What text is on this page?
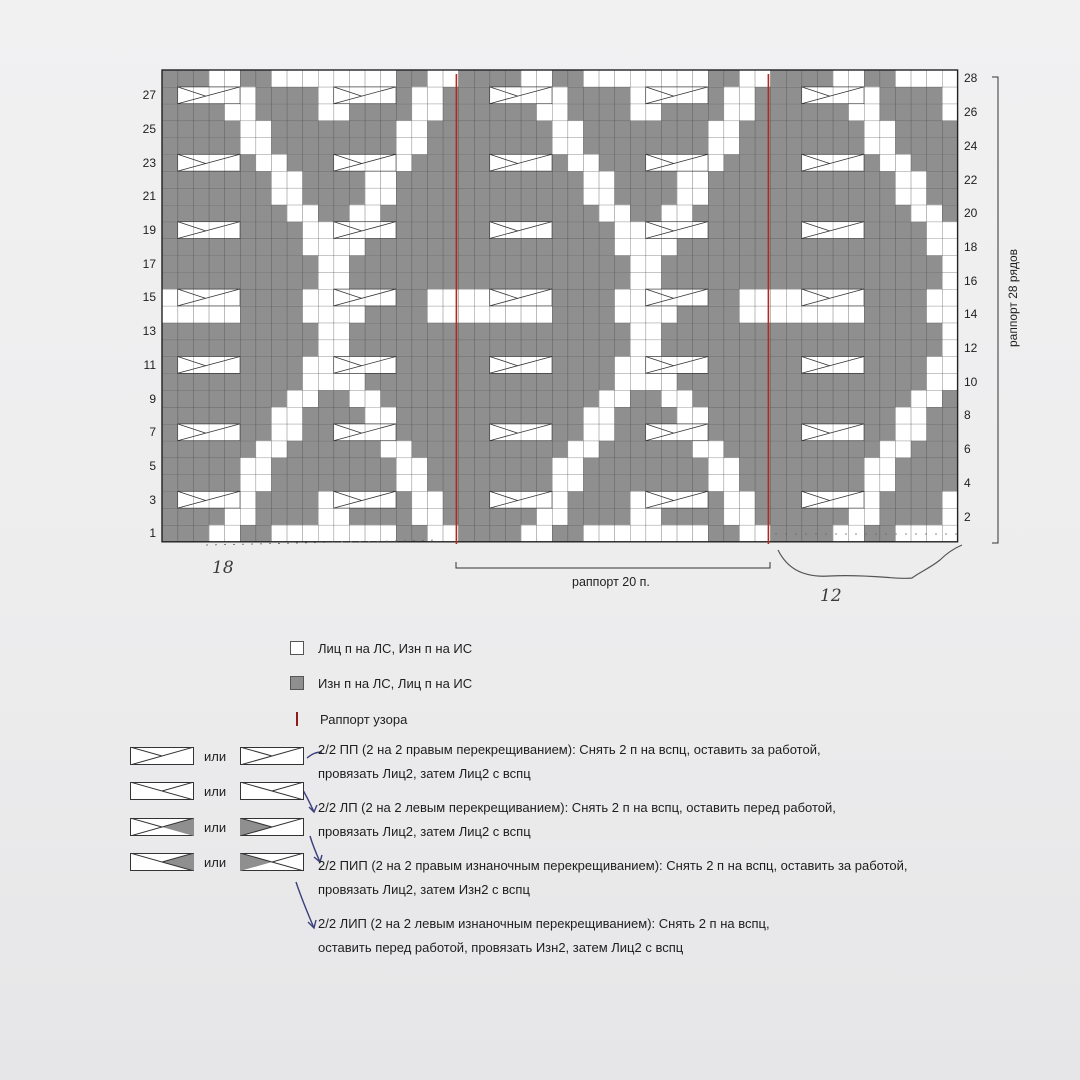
27
25
23
21
19
17
15
13
11
9
7
5
3
1
28
26
24
22
20
18
16
14
12
10
8
6
4
2
раппорт 28 рядов
18
12
раппорт 20 п.
Лиц п на ЛС, Изн п на ИС
Изн п на ЛС, Лиц п на ИС
Раппорт узора
или
или
или
или
2/2 ПП (2 на 2 правым перекрещиванием): Снять 2 п на вспц, оставить за работой,
провязать Лиц2, затем Лиц2 с вспц
2/2 ЛП (2 на 2 левым перекрещиванием): Снять 2 п на вспц, оставить перед работой,
провязать Лиц2, затем Лиц2 с вспц
2/2 ПИП (2 на 2 правым изнаночным перекрещиванием): Снять 2 п на вспц, оставить за работой,
провязать Лиц2, затем Изн2 с вспц
2/2 ЛИП (2 на 2 левым изнаночным перекрещиванием): Снять 2 п на вспц,
оставить перед работой, провязать Изн2, затем Лиц2 с вспц
